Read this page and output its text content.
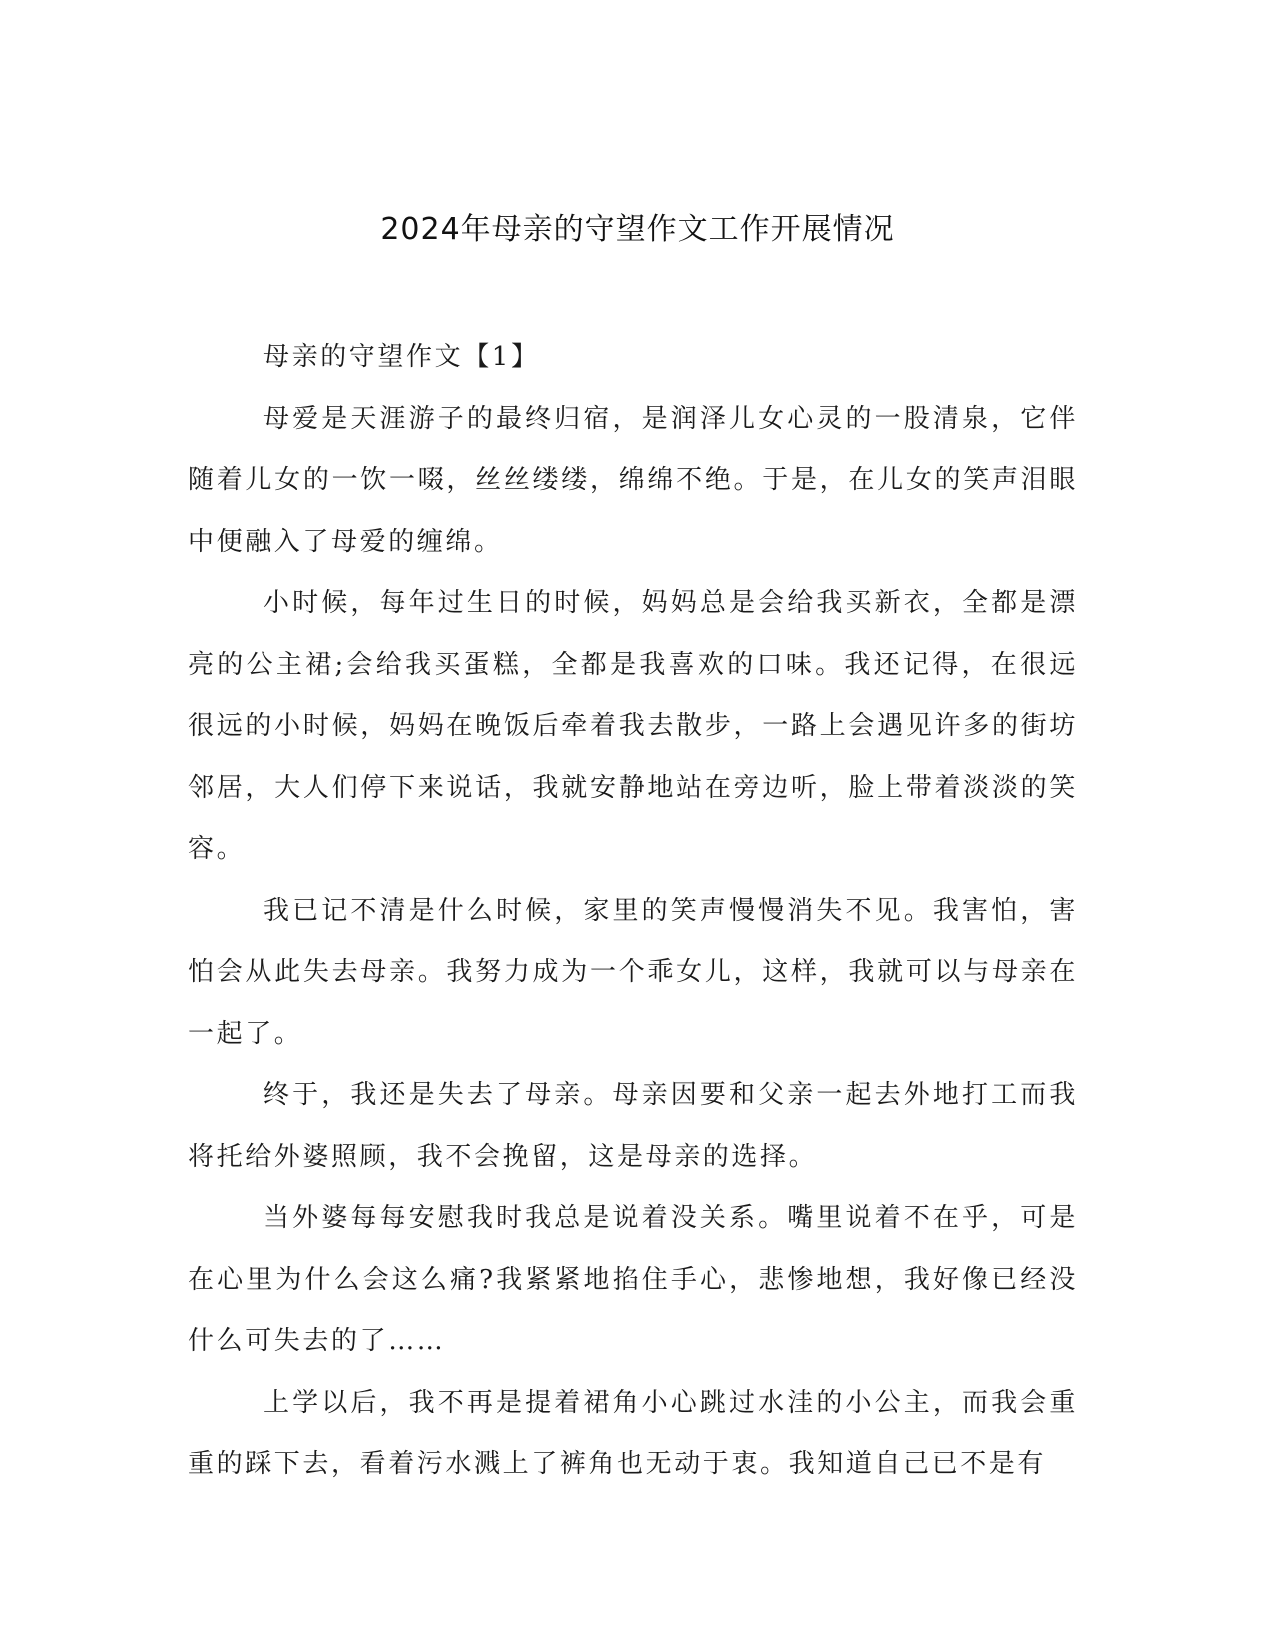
2024年母亲的守望作文工作开展情况

母亲的守望作文【1】

母爱是天涯游子的最终归宿，是润泽儿女心灵的一股清泉，它伴随着儿女的一饮一啜，丝丝缕缕，绵绵不绝。于是，在儿女的笑声泪眼中便融入了母爱的缠绵。

小时候，每年过生日的时候，妈妈总是会给我买新衣，全都是漂亮的公主裙;会给我买蛋糕，全都是我喜欢的口味。我还记得，在很远很远的小时候，妈妈在晚饭后牵着我去散步，一路上会遇见许多的街坊邻居，大人们停下来说话，我就安静地站在旁边听，脸上带着淡淡的笑容。

我已记不清是什么时候，家里的笑声慢慢消失不见。我害怕，害怕会从此失去母亲。我努力成为一个乖女儿，这样，我就可以与母亲在一起了。

终于，我还是失去了母亲。母亲因要和父亲一起去外地打工而我将托给外婆照顾，我不会挽留，这是母亲的选择。

当外婆每每安慰我时我总是说着没关系。嘴里说着不在乎，可是在心里为什么会这么痛?我紧紧地掐住手心，悲惨地想，我好像已经没什么可失去的了……

上学以后，我不再是提着裙角小心跳过水洼的小公主，而我会重重的踩下去，看着污水溅上了裤角也无动于衷。我知道自己已不是有
